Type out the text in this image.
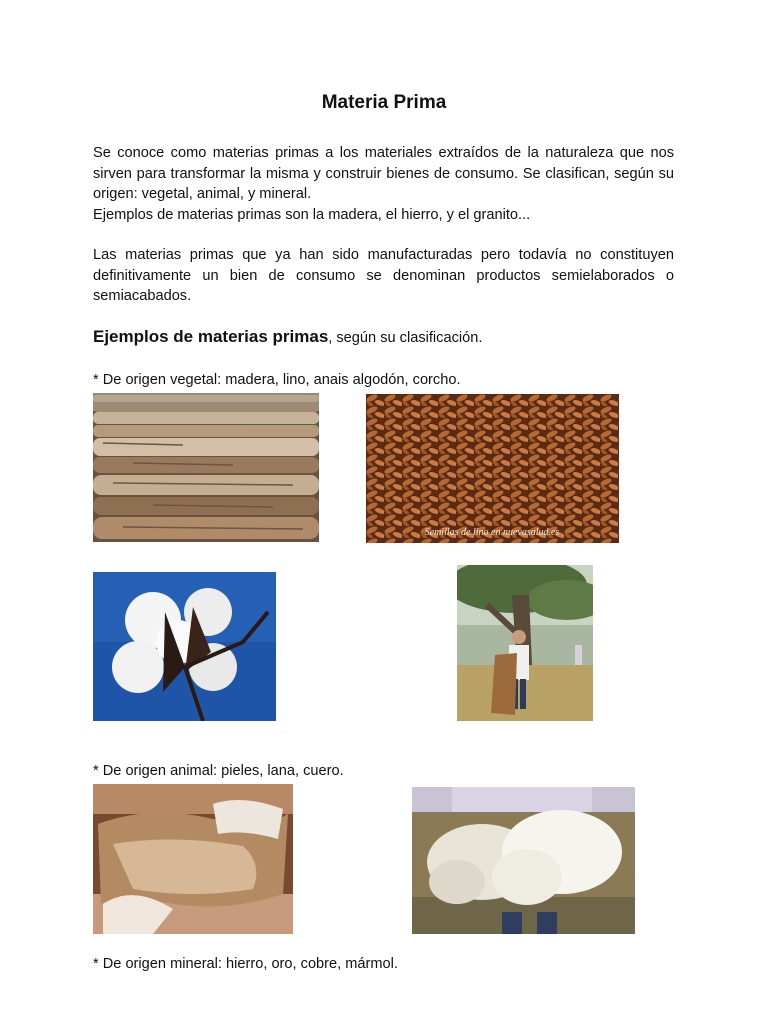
Materia Prima
Se conoce como materias primas a los materiales extraídos de la naturaleza que nos sirven para transformar la misma y construir bienes de consumo. Se clasifican, según su origen: vegetal, animal, y mineral.
Ejemplos de materias primas son la madera, el hierro, y el granito...
Las materias primas que ya han sido manufacturadas pero todavía no constituyen definitivamente un bien de consumo se denominan productos semielaborados o semiacabados.
Ejemplos de materias primas, según su clasificación.
* De origen vegetal: madera, lino, anais algodón, corcho.
Semillas de lino en nuevasalud.es
* De origen animal: pieles, lana, cuero.
* De origen mineral: hierro, oro, cobre, mármol.
